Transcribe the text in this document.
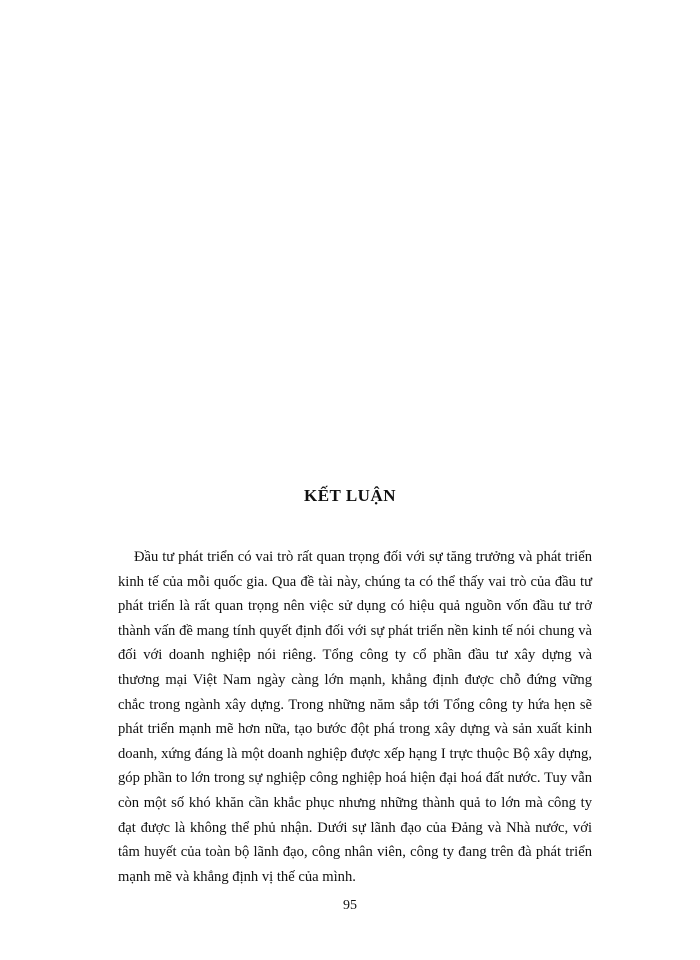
KẾT LUẬN

Đầu tư phát triển có vai trò rất quan trọng đối với sự tăng trưởng và phát triển kinh tế của mỗi quốc gia. Qua đề tài này, chúng ta có thể thấy vai trò của đầu tư phát triển là rất quan trọng nên việc sử dụng có hiệu quả nguồn vốn đầu tư trở thành vấn đề mang tính quyết định đối với sự phát triển nền kinh tế nói chung và đối với doanh nghiệp nói riêng. Tổng công ty cổ phần đầu tư xây dựng và thương mại Việt Nam ngày càng lớn mạnh, khẳng định được chỗ đứng vững chắc trong ngành xây dựng. Trong những năm sắp tới Tổng công ty hứa hẹn sẽ phát triển mạnh mẽ hơn nữa, tạo bước đột phá trong xây dựng và sản xuất kinh doanh, xứng đáng là một doanh nghiệp được xếp hạng I trực thuộc Bộ xây dựng, góp phần to lớn trong sự nghiệp công nghiệp hoá hiện đại hoá đất nước. Tuy vẫn còn một số khó khăn cần khắc phục nhưng những thành quả to lớn mà công ty đạt được là không thể phủ nhận. Dưới sự lãnh đạo của Đảng và Nhà nước, với tâm huyết của toàn bộ lãnh đạo, công nhân viên, công ty đang trên đà phát triển mạnh mẽ và khẳng định vị thế của mình.

95
